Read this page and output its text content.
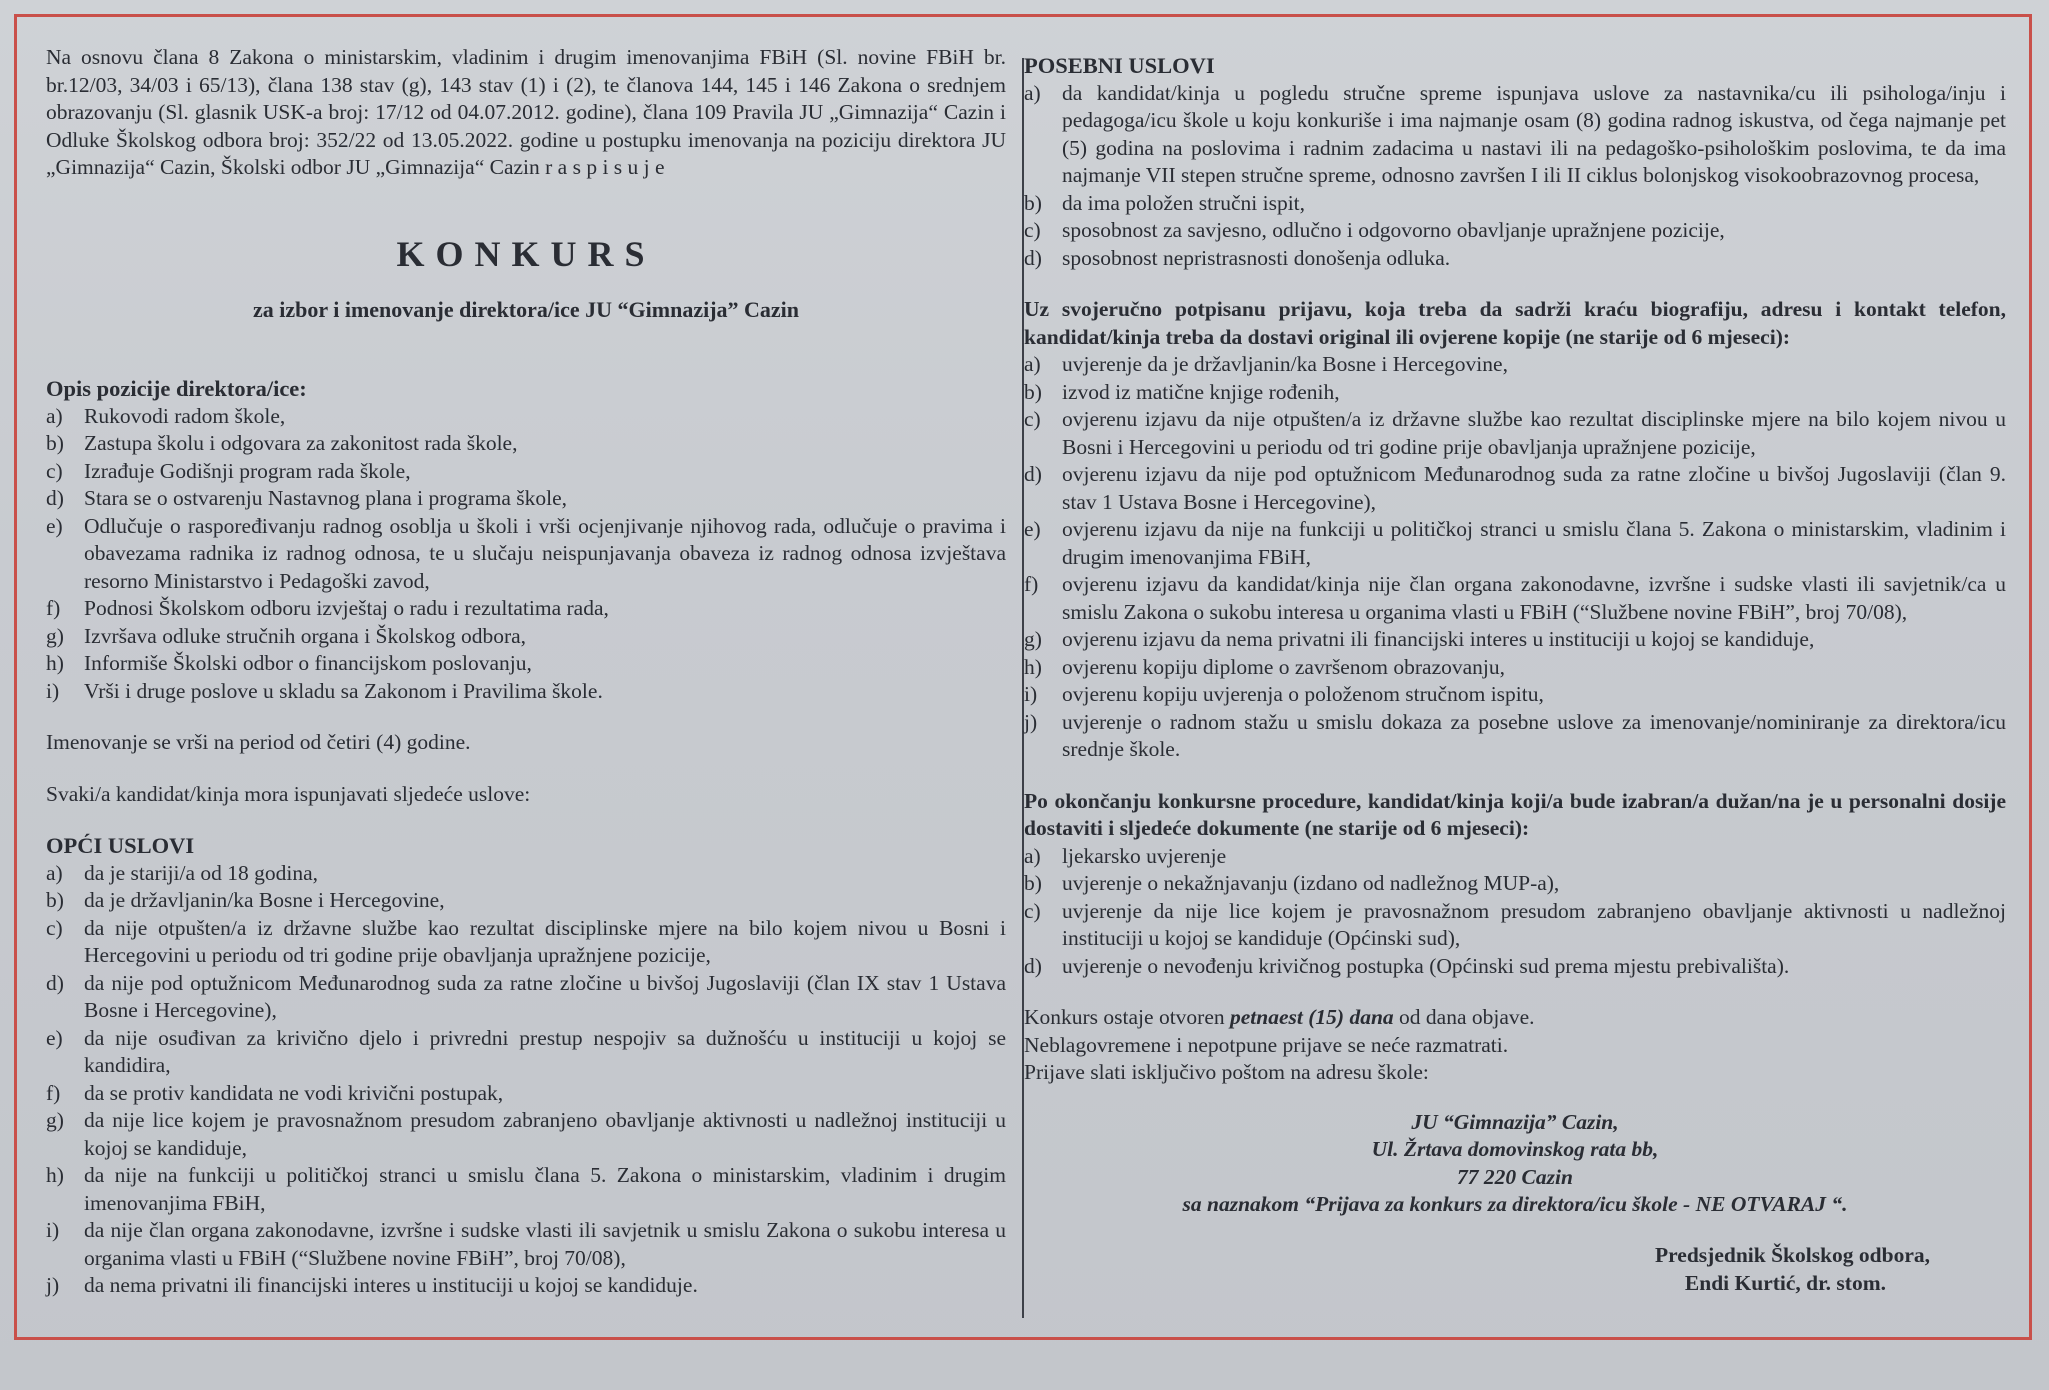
Na osnovu člana 8 Zakona o ministarskim, vladinim i drugim imenovanjima FBiH (Sl. novine FBiH br. br.12/03, 34/03 i 65/13), člana 138 stav (g), 143 stav (1) i (2), te članova 144, 145 i 146 Zakona o srednjem obrazovanju (Sl. glasnik USK-a broj: 17/12 od 04.07.2012. godine), člana 109 Pravila JU „Gimnazija“ Cazin i Odluke Školskog odbora broj: 352/22 od 13.05.2022. godine u postupku imenovanja na poziciju direktora JU „Gimnazija“ Cazin, Školski odbor JU „Gimnazija“ Cazin r a s p i s u j e

KONKURS

za izbor i imenovanje direktora/ice JU “Gimnazija” Cazin

Opis pozicije direktora/ice:

a) Rukovodi radom škole,
b) Zastupa školu i odgovara za zakonitost rada škole,
c) Izrađuje Godišnji program rada škole,
d) Stara se o ostvarenju Nastavnog plana i programa škole,
e) Odlučuje o raspoređivanju radnog osoblja u školi i vrši ocjenjivanje njihovog rada, odlučuje o pravima i obavezama radnika iz radnog odnosa, te u slučaju neispunjavanja obaveza iz radnog odnosa izvještava resorno Ministarstvo i Pedagoški zavod,
f) Podnosi Školskom odboru izvještaj o radu i rezultatima rada,
g) Izvršava odluke stručnih organa i Školskog odbora,
h) Informiše Školski odbor o financijskom poslovanju,
i) Vrši i druge poslove u skladu sa Zakonom i Pravilima škole.

Imenovanje se vrši na period od četiri (4) godine.

Svaki/a kandidat/kinja mora ispunjavati sljedeće uslove:

OPĆI USLOVI

a) da je stariji/a od 18 godina,
b) da je državljanin/ka Bosne i Hercegovine,
c) da nije otpušten/a iz državne službe kao rezultat disciplinske mjere na bilo kojem nivou u Bosni i Hercegovini u periodu od tri godine prije obavljanja upražnjene pozicije,
d) da nije pod optužnicom Međunarodnog suda za ratne zločine u bivšoj Jugoslaviji (član IX stav 1 Ustava Bosne i Hercegovine),
e) da nije osuđivan za krivično djelo i privredni prestup nespojiv sa dužnošću u instituciji u kojoj se kandidira,
f) da se protiv kandidata ne vodi krivični postupak,
g) da nije lice kojem je pravosnažnom presudom zabranjeno obavljanje aktivnosti u nadležnoj instituciji u kojoj se kandiduje,
h) da nije na funkciji u političkoj stranci u smislu člana 5. Zakona o ministarskim, vladinim i drugim imenovanjima FBiH,
i) da nije član organa zakonodavne, izvršne i sudske vlasti ili savjetnik u smislu Zakona o sukobu interesa u organima vlasti u FBiH (“Službene novine FBiH”, broj 70/08),
j) da nema privatni ili financijski interes u instituciji u kojoj se kandiduje.

POSEBNI USLOVI

a) da kandidat/kinja u pogledu stručne spreme ispunjava uslove za nastavnika/cu ili psihologa/inju i pedagoga/icu škole u koju konkuriše i ima najmanje osam (8) godina radnog iskustva, od čega najmanje pet (5) godina na poslovima i radnim zadacima u nastavi ili na pedagoško-psihološkim poslovima, te da ima najmanje VII stepen stručne spreme, odnosno završen I ili II ciklus bolonjskog visokoobrazovnog procesa,
b) da ima položen stručni ispit,
c) sposobnost za savjesno, odlučno i odgovorno obavljanje upražnjene pozicije,
d) sposobnost nepristrasnosti donošenja odluka.

Uz svojeručno potpisanu prijavu, koja treba da sadrži kraću biografiju, adresu i kontakt telefon, kandidat/kinja treba da dostavi original ili ovjerene kopije (ne starije od 6 mjeseci):

a) uvjerenje da je državljanin/ka Bosne i Hercegovine,
b) izvod iz matične knjige rođenih,
c) ovjerenu izjavu da nije otpušten/a iz državne službe kao rezultat disciplinske mjere na bilo kojem nivou u Bosni i Hercegovini u periodu od tri godine prije obavljanja upražnjene pozicije,
d) ovjerenu izjavu da nije pod optužnicom Međunarodnog suda za ratne zločine u bivšoj Jugoslaviji (član 9. stav 1 Ustava Bosne i Hercegovine),
e) ovjerenu izjavu da nije na funkciji u političkoj stranci u smislu člana 5. Zakona o ministarskim, vladinim i drugim imenovanjima FBiH,
f) ovjerenu izjavu da kandidat/kinja nije član organa zakonodavne, izvršne i sudske vlasti ili savjetnik/ca u smislu Zakona o sukobu interesa u organima vlasti u FBiH (“Službene novine FBiH”, broj 70/08),
g) ovjerenu izjavu da nema privatni ili financijski interes u instituciji u kojoj se kandiduje,
h) ovjerenu kopiju diplome o završenom obrazovanju,
i) ovjerenu kopiju uvjerenja o položenom stručnom ispitu,
j) uvjerenje o radnom stažu u smislu dokaza za posebne uslove za imenovanje/nominiranje za direktora/icu srednje škole.

Po okončanju konkursne procedure, kandidat/kinja koji/a bude izabran/a dužan/na je u personalni dosije dostaviti i sljedeće dokumente (ne starije od 6 mjeseci):

a) ljekarsko uvjerenje
b) uvjerenje o nekažnjavanju (izdano od nadležnog MUP-a),
c) uvjerenje da nije lice kojem je pravosnažnom presudom zabranjeno obavljanje aktivnosti u nadležnoj instituciji u kojoj se kandiduje (Općinski sud),
d) uvjerenje o nevođenju krivičnog postupka (Općinski sud prema mjestu prebivališta).

Konkurs ostaje otvoren petnaest (15) dana od dana objave.

Neblagovremene i nepotpune prijave se neće razmatrati.

Prijave slati isključivo poštom na adresu škole:

JU “Gimnazija” Cazin,

Ul. Žrtava domovinskog rata bb,

77 220 Cazin

sa naznakom “Prijava za konkurs za direktora/icu škole - NE OTVARAJ “.

Predsjednik Školskog odbora,

Endi Kurtić, dr. stom.
